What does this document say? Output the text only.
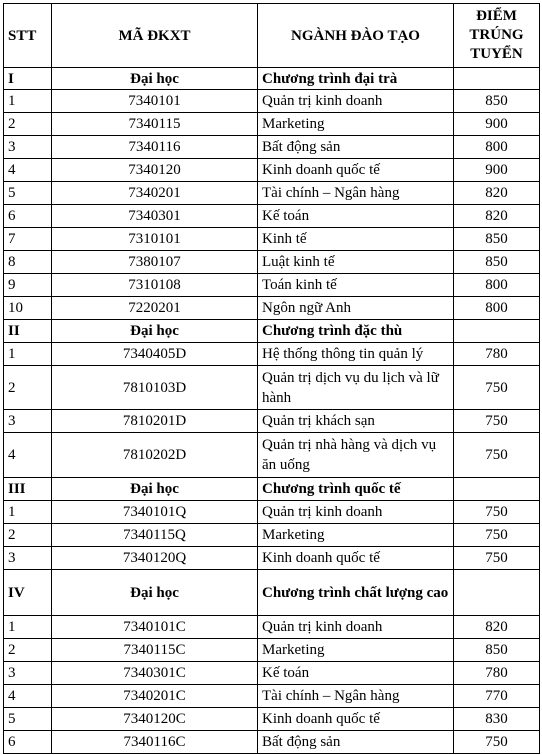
STT	MÃ ĐKXT	NGÀNH ĐÀO TẠO	ĐIỂM
TRÚNG
TUYỂN

I	Đại học	Chương trình đại trà	
1	7340101	Quản trị kinh doanh	850
2	7340115	Marketing	900
3	7340116	Bất động sản	800
4	7340120	Kinh doanh quốc tế	900
5	7340201	Tài chính – Ngân hàng	820
6	7340301	Kế toán	820
7	7310101	Kinh tế	850
8	7380107	Luật kinh tế	850
9	7310108	Toán kinh tế	800
10	7220201	Ngôn ngữ Anh	800
II	Đại học	Chương trình đặc thù	
1	7340405D	Hệ thống thông tin quản lý	780
2	7810103D	Quản trị dịch vụ du lịch và lữ hành	750
3	7810201D	Quản trị khách sạn	750
4	7810202D	Quản trị nhà hàng và dịch vụ ăn uống	750
III	Đại học	Chương trình quốc tế	
1	7340101Q	Quản trị kinh doanh	750
2	7340115Q	Marketing	750
3	7340120Q	Kinh doanh quốc tế	750
IV	Đại học	Chương trình chất lượng cao	
1	7340101C	Quản trị kinh doanh	820
2	7340115C	Marketing	850
3	7340301C	Kế toán	780
4	7340201C	Tài chính – Ngân hàng	770
5	7340120C	Kinh doanh quốc tế	830
6	7340116C	Bất động sản	750
